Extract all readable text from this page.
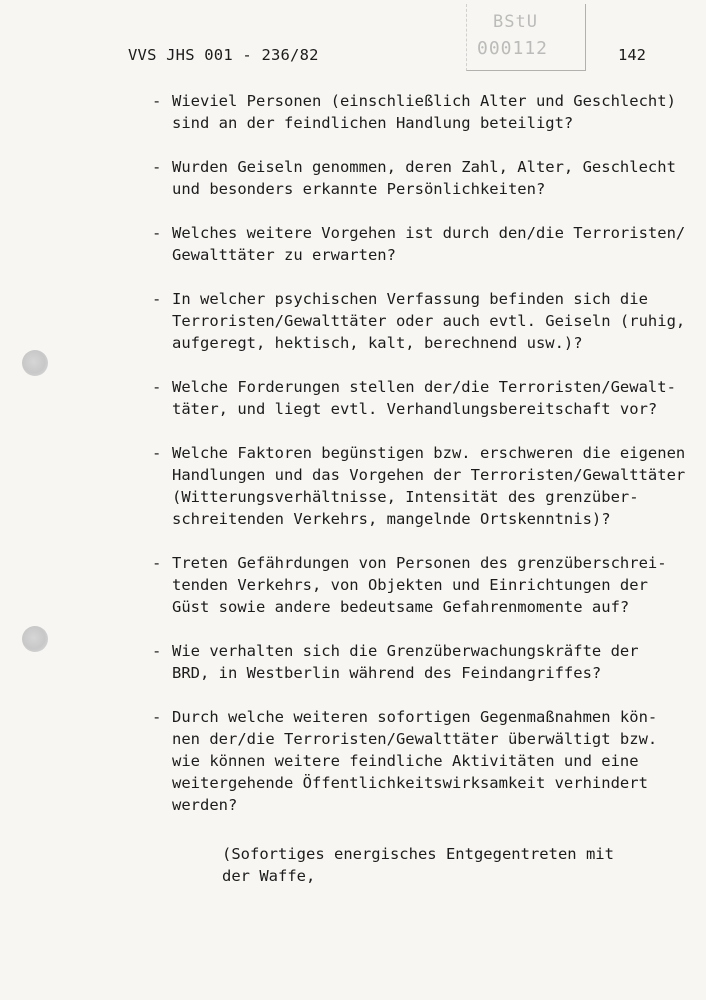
VVS JHS 001 - 236/82
BStU
000112	142
- Wieviel Personen (einschließlich Alter und Geschlecht)
sind an der feindlichen Handlung beteiligt?
- Wurden Geiseln genommen, deren Zahl, Alter, Geschlecht
und besonders erkannte Persönlichkeiten?
- Welches weitere Vorgehen ist durch den/die Terroristen/
Gewalttäter zu erwarten?
- In welcher psychischen Verfassung befinden sich die
Terroristen/Gewalttäter oder auch evtl. Geiseln (ruhig,
aufgeregt, hektisch, kalt, berechnend usw.)?
- Welche Forderungen stellen der/die Terroristen/Gewalt-
täter, und liegt evtl. Verhandlungsbereitschaft vor?
- Welche Faktoren begünstigen bzw. erschweren die eigenen
Handlungen und das Vorgehen der Terroristen/Gewalttäter
(Witterungsverhältnisse, Intensität des grenzüber-
schreitenden Verkehrs, mangelnde Ortskenntnis)?
- Treten Gefährdungen von Personen des grenzüberschrei-
tenden Verkehrs, von Objekten und Einrichtungen der
Güst sowie andere bedeutsame Gefahrenmomente auf?
- Wie verhalten sich die Grenzüberwachungskräfte der
BRD, in Westberlin während des Feindangriffes?
- Durch welche weiteren sofortigen Gegenmaßnahmen kön-
nen der/die Terroristen/Gewalttäter überwältigt bzw.
wie können weitere feindliche Aktivitäten und eine
weitergehende Öffentlichkeitswirksamkeit verhindert
werden?
(Sofortiges energisches Entgegentreten mit
der Waffe,
